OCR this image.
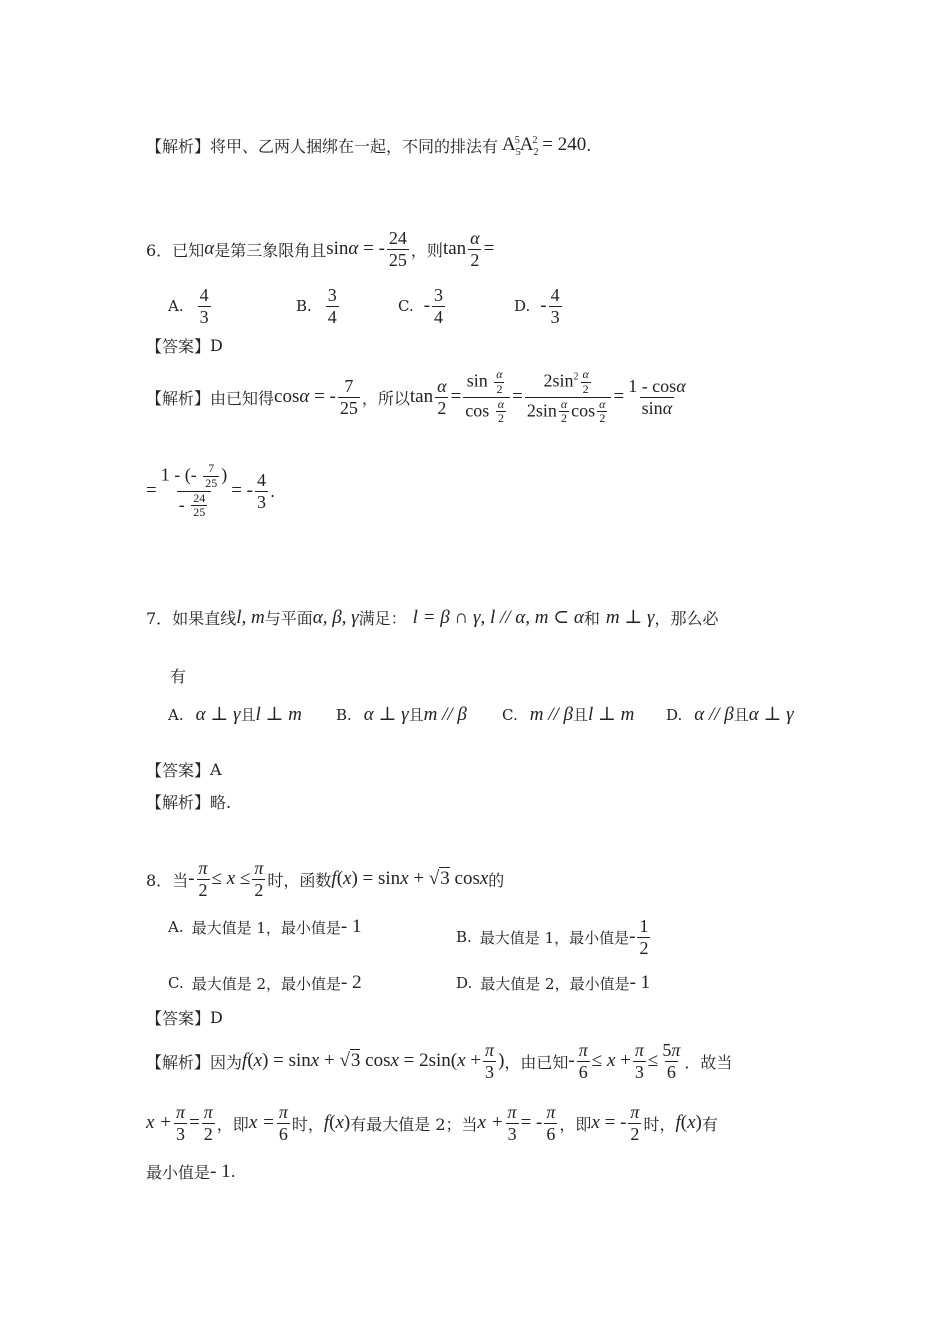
【解析】 将甲、乙两人捆绑在一起，不同的排法有 $A_5^5A_2^2 = 240$ .
6． 已知 α 是第三象限角且 sinα = - $\frac{24}{25}$ ，则 $\tan \frac{\alpha}{2}$ =
A. $\frac{4}{3}$	B. $\frac{3}{4}$	C. - $\frac{3}{4}$	D. - $\frac{4}{3}$
【答案】 D
【解析】 由已知得 cosα = - $\frac{7}{25}$ ，所以 $\tan \frac{\alpha}{2} = \frac{\sin \frac{\alpha}{2}}{\cos \frac{\alpha}{2}} = \frac{2\sin^2 \frac{\alpha}{2}}{2\sin \frac{\alpha}{2} \cos \frac{\alpha}{2}} = \frac{1 - \cos\alpha}{\sin\alpha}$
= $\frac{1 - (- \frac{7}{25} )}{- \frac{24}{25}}$ = - $\frac{4}{3}$ .
7． 如果直线 l, m 与平面 α, β, γ 满足： l = β ∩ γ, l // α, m ⊂ α 和 m ⊥ γ ，那么必
有
A. α ⊥ γ 且 l ⊥ m B. α ⊥ γ 且 m // β C. m // β 且 l ⊥ m D. α // β 且 α ⊥ γ
【答案】 A
【解析】 略.
8． 当 - $\frac{\pi}{2} \le x \le \frac{\pi}{2}$ 时，函数 f(x) = sinx + √3 cosx 的
A. 最大值是 1，最小值是 - 1
B. 最大值是 1，最小值是 - $\frac{1}{2}$
C. 最大值是 2，最小值是 - 2	D. 最大值是 2，最小值是 - 1
【答案】 D
【解析】 因为 f(x) = sinx + √3 $\cos x = 2\sin(x + \frac{\pi}{3}$ ) ，由已知 - $\frac{\pi}{6} \le x + \frac{\pi}{3} \le \frac{5\pi}{6}$ ．故当
$x + \frac{\pi}{3} = \frac{\pi}{2}$ ，即 $x = \frac{\pi}{6}$ 时， f(x) 有最大值是 2；当 $x + \frac{\pi}{3}$ = - $\frac{\pi}{6}$ ，即 x = - $\frac{\pi}{2}$ 时， f(x) 有
最小值是 - 1 .
